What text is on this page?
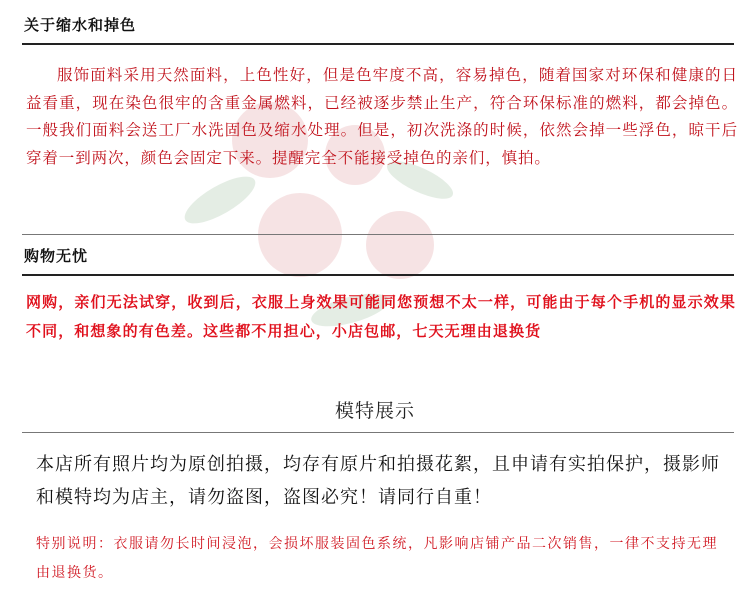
关于缩水和掉色
服饰面料采用天然面料，上色性好，但是色牢度不高，容易掉色，随着国家对环保和健康的日益看重，现在染色很牢的含重金属燃料，已经被逐步禁止生产，符合环保标准的燃料，都会掉色。一般我们面料会送工厂水洗固色及缩水处理。但是，初次洗涤的时候，依然会掉一些浮色，晾干后穿着一到两次，颜色会固定下来。提醒完全不能接受掉色的亲们，慎拍。
购物无忧
网购，亲们无法试穿，收到后，衣服上身效果可能同您预想不太一样，可能由于每个手机的显示效果不同，和想象的有色差。这些都不用担心，小店包邮，七天无理由退换货
模特展示
本店所有照片均为原创拍摄，均存有原片和拍摄花絮，且申请有实拍保护，摄影师和模特均为店主，请勿盗图，盗图必究！请同行自重！
特别说明：衣服请勿长时间浸泡，会损坏服装固色系统，凡影响店铺产品二次销售，一律不支持无理由退换货。
